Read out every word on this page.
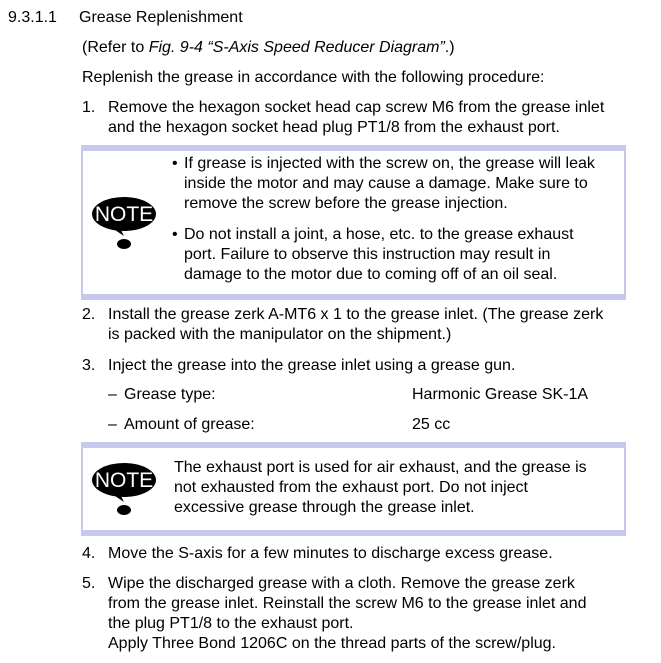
9.3.1.1 Grease Replenishment
(Refer to Fig. 9-4 “S-Axis Speed Reducer Diagram”.)
Replenish the grease in accordance with the following procedure:
1. Remove the hexagon socket head cap screw M6 from the grease inlet
and the hexagon socket head plug PT1/8 from the exhaust port.
NOTE
• If grease is injected with the screw on, the grease will leak
inside the motor and may cause a damage. Make sure to
remove the screw before the grease injection.
• Do not install a joint, a hose, etc. to the grease exhaust
port. Failure to observe this instruction may result in
damage to the motor due to coming off of an oil seal.
2. Install the grease zerk A-MT6 x 1 to the grease inlet. (The grease zerk
is packed with the manipulator on the shipment.)
3. Inject the grease into the grease inlet using a grease gun.
– Grease type:	Harmonic Grease SK-1A
– Amount of grease:	25 cc
NOTE
The exhaust port is used for air exhaust, and the grease is
not exhausted from the exhaust port. Do not inject
excessive grease through the grease inlet.
4. Move the S-axis for a few minutes to discharge excess grease.
5. Wipe the discharged grease with a cloth. Remove the grease zerk
from the grease inlet. Reinstall the screw M6 to the grease inlet and
the plug PT1/8 to the exhaust port.
Apply Three Bond 1206C on the thread parts of the screw/plug.
